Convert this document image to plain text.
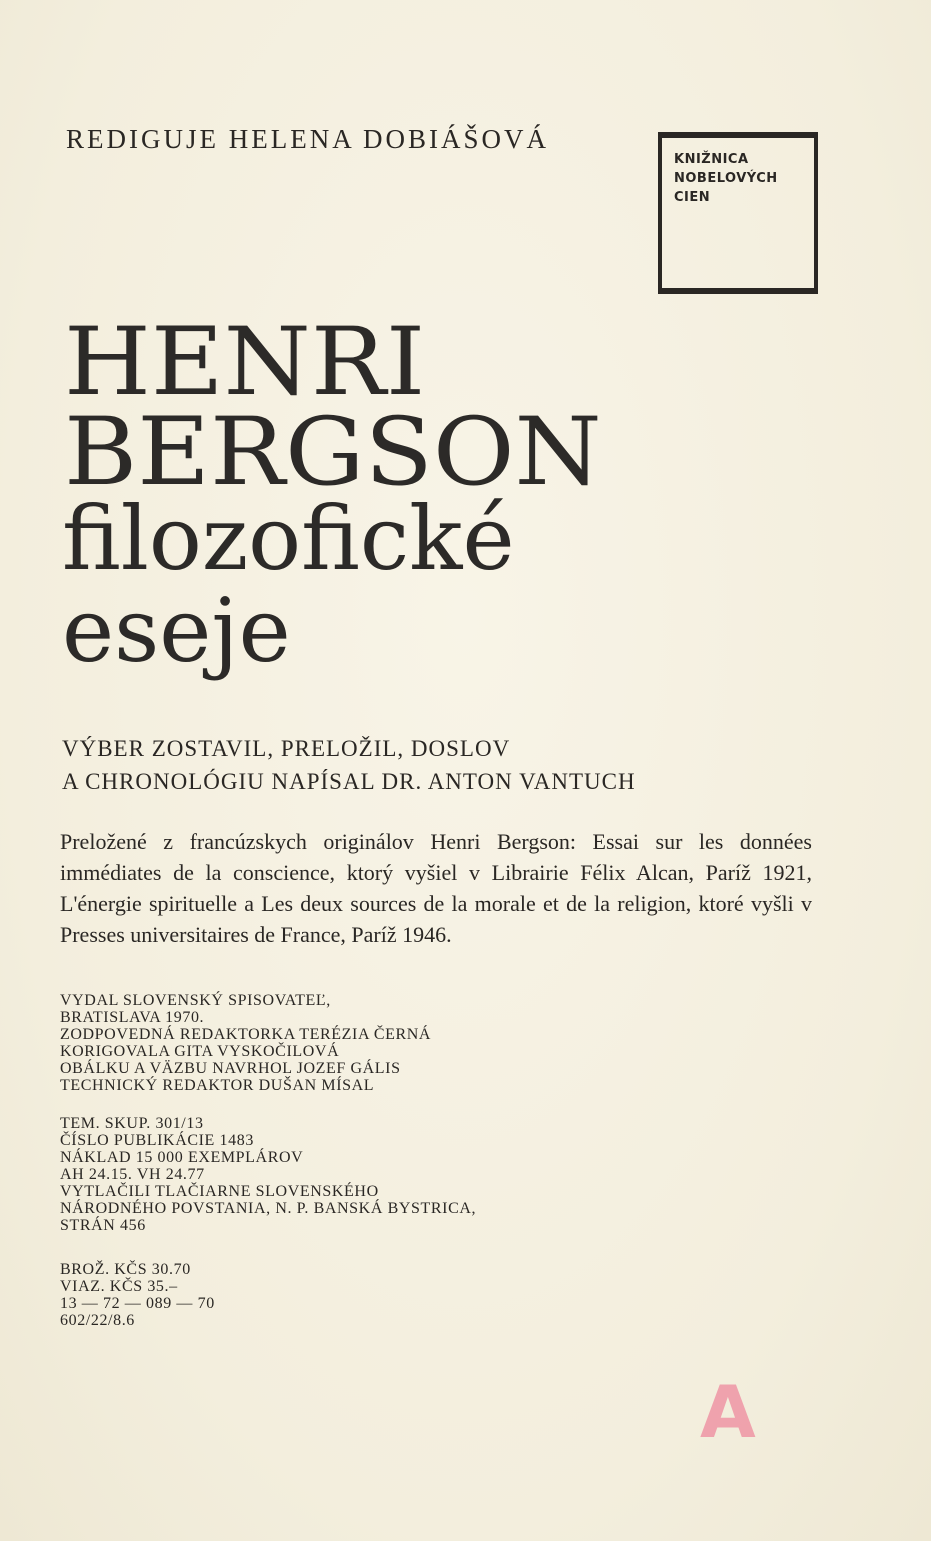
REDIGUJE HELENA DOBIÁŠOVÁ
KNIŽNICA
NOBELOVÝCH
CIEN
HENRI
BERGSON
filozofické
eseje
VÝBER ZOSTAVIL, PRELOŽIL, DOSLOV
A CHRONOLÓGIU NAPÍSAL DR. ANTON VANTUCH
Preložené z francúzskych originálov Henri Bergson: Essai sur les données immédiates de la conscience, ktorý vyšiel v Librairie Félix Alcan, Paríž 1921, L'énergie spirituelle a Les deux sources de la morale et de la religion, ktoré vyšli v Presses universitaires de France, Paríž 1946.
VYDAL SLOVENSKÝ SPISOVATEĽ,
BRATISLAVA 1970.
ZODPOVEDNÁ REDAKTORKA TERÉZIA ČERNÁ
KORIGOVALA GITA VYSKOČILOVÁ
OBÁLKU A VÄZBU NAVRHOL JOZEF GÁLIS
TECHNICKÝ REDAKTOR DUŠAN MÍSAL
TEM. SKUP. 301/13
ČÍSLO PUBLIKÁCIE 1483
NÁKLAD 15 000 EXEMPLÁROV
AH 24.15. VH 24.77
VYTLAČILI TLAČIARNE SLOVENSKÉHO
NÁRODNÉHO POVSTANIA, N. P. BANSKÁ BYSTRICA,
STRÁN 456
BROŽ. KČS 30.70
VIAZ. KČS 35.–
13 — 72 — 089 — 70
602/22/8.6
A
